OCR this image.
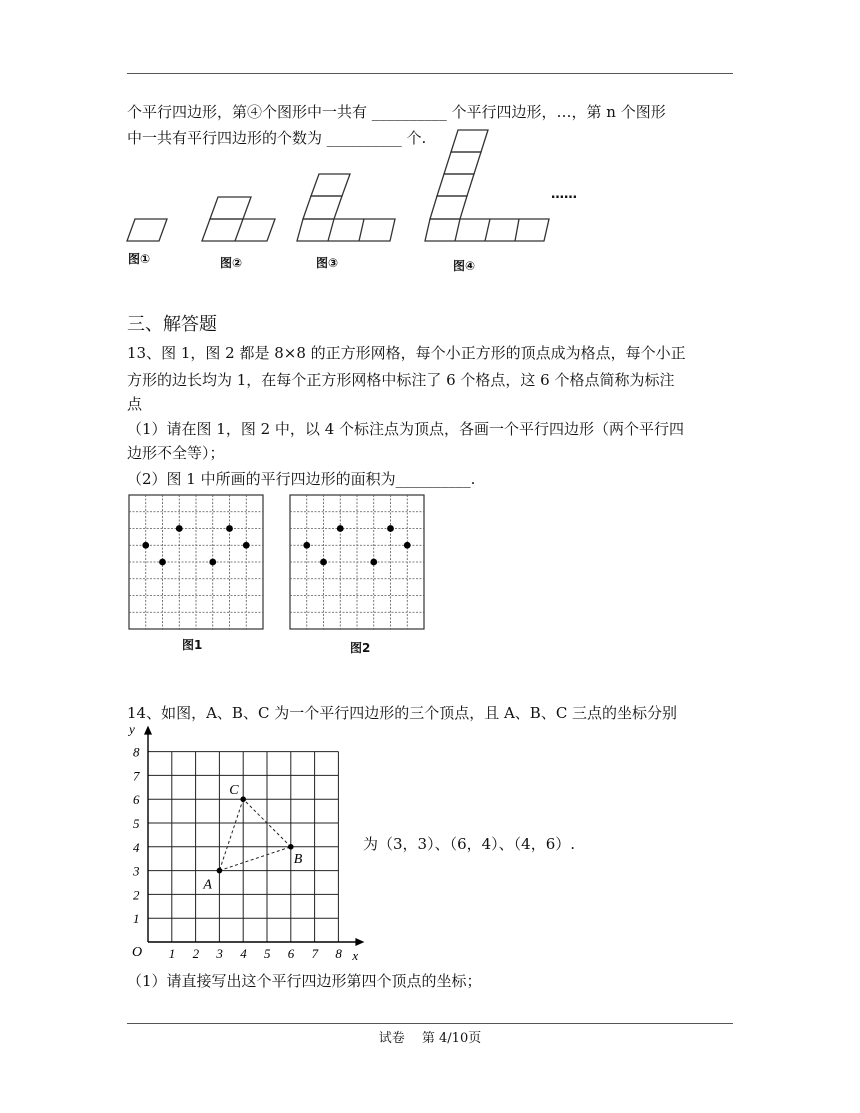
个平行四边形，第④个图形中一共有 __________ 个平行四边形，…，第 n 个图形
中一共有平行四边形的个数为 __________ 个.
图①	图②	图③	图④
……
三、解答题
13、图 1，图 2 都是 8×8 的正方形网格，每个小正方形的顶点成为格点，每个小正
方形的边长均为 1，在每个正方形网格中标注了 6 个格点，这 6 个格点简称为标注
点
（1）请在图 1，图 2 中，以 4 个标注点为顶点，各画一个平行四边形（两个平行四
边形不全等）；
（2）图 1 中所画的平行四边形的面积为__________.
图1	图2
14、如图，A、B、C 为一个平行四边形的三个顶点，且 A、B、C 三点的坐标分别
为（3，3）、（6，4）、（4，6）.
1 2 3 4 5 6 7 8
1
2
3
4
5
6
7
8
O	x
y
A
B
C
（1）请直接写出这个平行四边形第四个顶点的坐标；
试卷　 第 4/10页
